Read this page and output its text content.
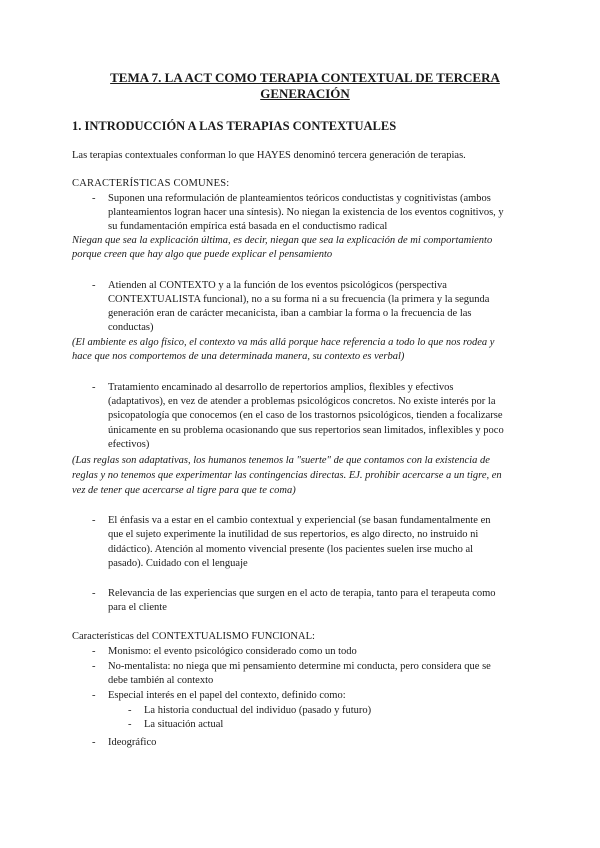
TEMA 7. LA ACT COMO TERAPIA CONTEXTUAL DE TERCERA
GENERACIÓN
1. INTRODUCCIÓN A LAS TERAPIAS CONTEXTUALES
Las terapias contextuales conforman lo que HAYES denominó tercera generación de terapias.
CARACTERÍSTICAS COMUNES:
- Suponen una reformulación de planteamientos teóricos conductistas y cognitivistas (ambos
planteamientos logran hacer una síntesis). No niegan la existencia de los eventos cognitivos, y
su fundamentación empírica está basada en el conductismo radical
Niegan que sea la explicación última, es decir, niegan que sea la explicación de mi comportamiento
porque creen que hay algo que puede explicar el pensamiento
- Atienden al CONTEXTO y a la función de los eventos psicológicos (perspectiva
CONTEXTUALISTA funcional), no a su forma ni a su frecuencia (la primera y la segunda
generación eran de carácter mecanicista, iban a cambiar la forma o la frecuencia de las
conductas)
(El ambiente es algo físico, el contexto va más allá porque hace referencia a todo lo que nos rodea y
hace que nos comportemos de una determinada manera, su contexto es verbal)
- Tratamiento encaminado al desarrollo de repertorios amplios, flexibles y efectivos
(adaptativos), en vez de atender a problemas psicológicos concretos. No existe interés por la
psicopatología que conocemos (en el caso de los trastornos psicológicos, tienden a focalizarse
únicamente en su problema ocasionando que sus repertorios sean limitados, inflexibles y poco
efectivos)
(Las reglas son adaptativas, los humanos tenemos la "suerte" de que contamos con la existencia de
reglas y no tenemos que experimentar las contingencias directas. EJ. prohibir acercarse a un tigre, en
vez de tener que acercarse al tigre para que te coma)
- El énfasis va a estar en el cambio contextual y experiencial (se basan fundamentalmente en
que el sujeto experimente la inutilidad de sus repertorios, es algo directo, no instruido ni
didáctico). Atención al momento vivencial presente (los pacientes suelen irse mucho al
pasado). Cuidado con el lenguaje
- Relevancia de las experiencias que surgen en el acto de terapia, tanto para el terapeuta como
para el cliente
Características del CONTEXTUALISMO FUNCIONAL:
- Monismo: el evento psicológico considerado como un todo
- No-mentalista: no niega que mi pensamiento determine mi conducta, pero considera que se
debe también al contexto
- Especial interés en el papel del contexto, definido como:
- La historia conductual del individuo (pasado y futuro)
- La situación actual
- Ideográfico
